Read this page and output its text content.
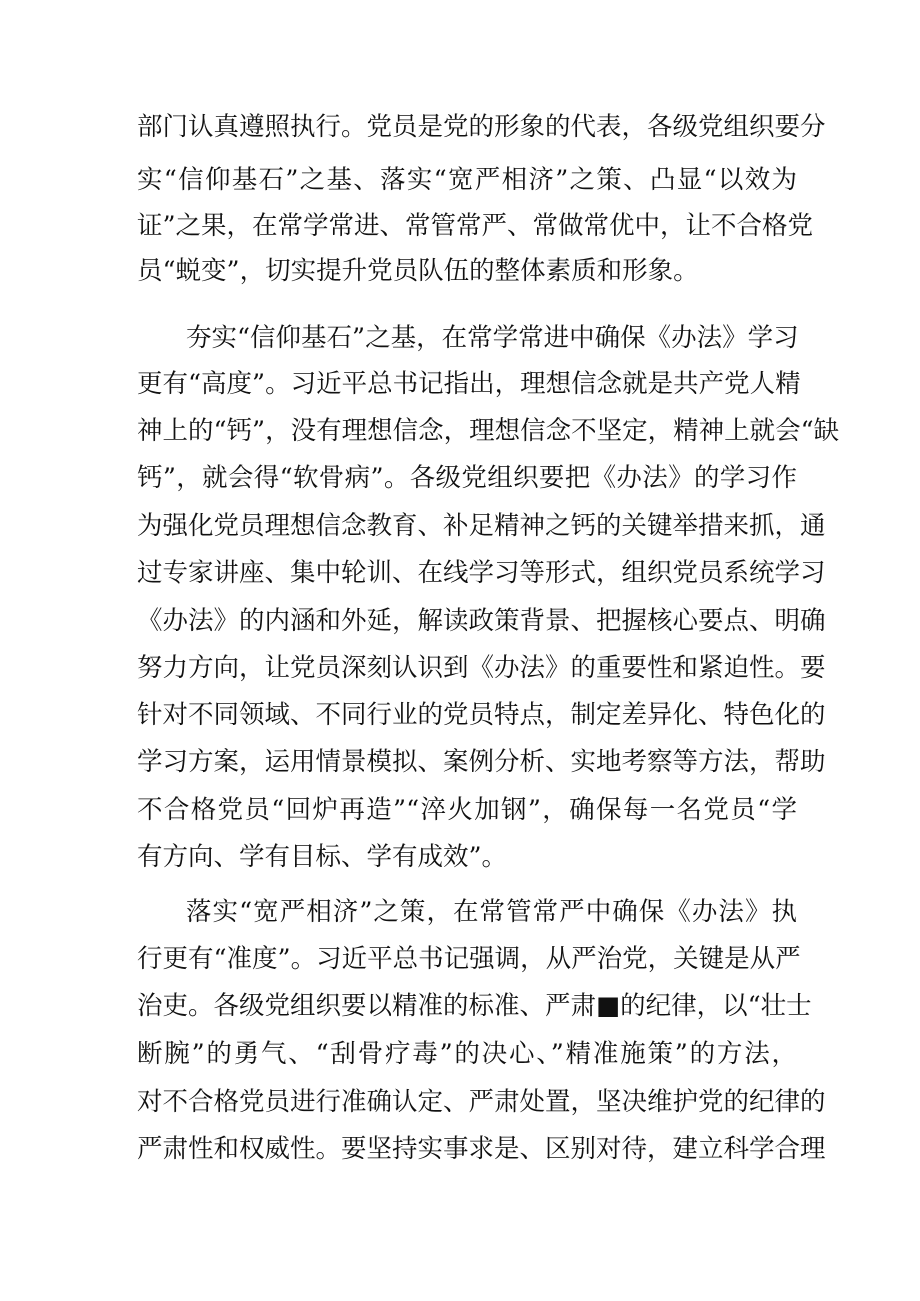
部门认真遵照执行。党员是党的形象的代表，各级党组织要分
实“信仰基石”之基、落实“宽严相济”之策、凸显“以效为
证”之果，在常学常进、常管常严、常做常优中，让不合格党
员“蜕变”，切实提升党员队伍的整体素质和形象。
夯实“信仰基石”之基，在常学常进中确保《办法》学习
更有“高度”。习近平总书记指出，理想信念就是共产党人精
神上的“钙”，没有理想信念，理想信念不坚定，精神上就会“缺
钙”，就会得“软骨病”。各级党组织要把《办法》的学习作
为强化党员理想信念教育、补足精神之钙的关键举措来抓，通
过专家讲座、集中轮训、在线学习等形式，组织党员系统学习
《办法》的内涵和外延，解读政策背景、把握核心要点、明确
努力方向，让党员深刻认识到《办法》的重要性和紧迫性。要
针对不同领域、不同行业的党员特点，制定差异化、特色化的
学习方案，运用情景模拟、案例分析、实地考察等方法，帮助
不合格党员“回炉再造”“淬火加钢”，确保每一名党员“学
有方向、学有目标、学有成效”。
落实“宽严相济”之策，在常管常严中确保《办法》执
行更有“准度”。习近平总书记强调，从严治党，关键是从严
治吏。各级党组织要以精准的标准、严肃■的纪律，以“壮士
断腕”的勇气、“刮骨疗毒”的决心、”精准施策”的方法，
对不合格党员进行准确认定、严肃处置，坚决维护党的纪律的
严肃性和权威性。要坚持实事求是、区别对待，建立科学合理
